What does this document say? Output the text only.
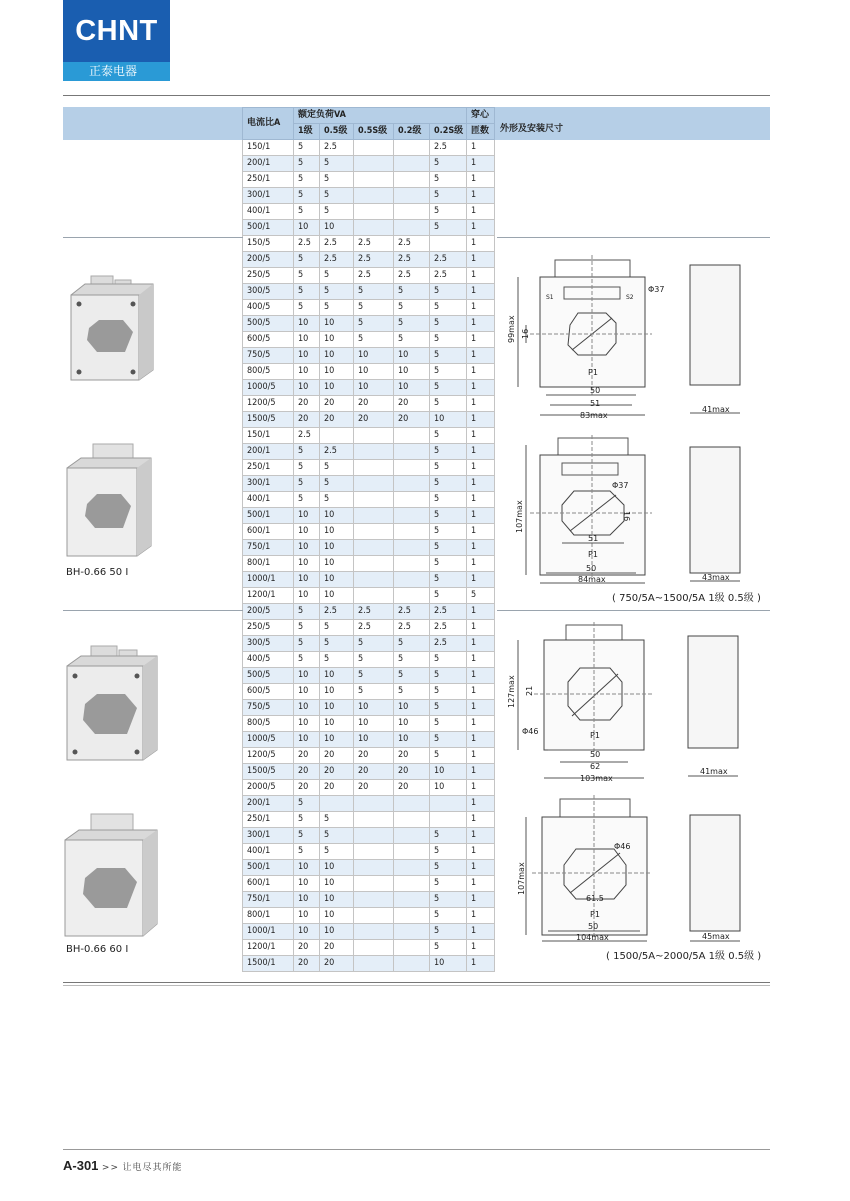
CHNT
正泰电器
电流比A	额定负荷VA					穿心
	1级	0.5级	0.5S级	0.2级	0.2S级	匝数
150/1	5	2.5			2.5	1
200/1	5	5			5	1
250/1	5	5			5	1
300/1	5	5			5	1
400/1	5	5			5	1
500/1	10	10			5	1
150/5	2.5	2.5	2.5	2.5		1
200/5	5	2.5	2.5	2.5	2.5	1
250/5	5	5	2.5	2.5	2.5	1
300/5	5	5	5	5	5	1
400/5	5	5	5	5	5	1
500/5	10	10	5	5	5	1
600/5	10	10	5	5	5	1
750/5	10	10	10	10	5	1
800/5	10	10	10	10	5	1
1000/5	10	10	10	10	5	1
1200/5	20	20	20	20	5	1
1500/5	20	20	20	20	10	1
150/1	2.5				5	1
200/1	5	2.5			5	1
250/1	5	5			5	1
300/1	5	5			5	1
400/1	5	5			5	1
500/1	10	10			5	1
600/1	10	10			5	1
750/1	10	10			5	1
800/1	10	10			5	1
1000/1	10	10			5	1
1200/1	10	10			5	5
200/5	5	2.5	2.5	2.5	2.5	1
250/5	5	5	2.5	2.5	2.5	1
300/5	5	5	5	5	2.5	1
400/5	5	5	5	5	5	1
500/5	10	10	5	5	5	1
600/5	10	10	5	5	5	1
750/5	10	10	10	10	5	1
800/5	10	10	10	10	5	1
1000/5	10	10	10	10	5	1
1200/5	20	20	20	20	5	1
1500/5	20	20	20	20	10	1
2000/5	20	20	20	20	10	1
200/1	5					1
250/1	5	5				1
300/1	5	5			5	1
400/1	5	5			5	1
500/1	10	10			5	1
600/1	10	10			5	1
750/1	10	10			5	1
800/1	10	10			5	1
1000/1	10	10			5	1
1200/1	20	20			5	1
1500/1	20	20			10	1
外形及安装尺寸
BH-0.66 50 I
BH-0.66 60 I
( 750/5A~1500/5A 1级 0.5级 )
( 1500/5A~2000/5A 1级 0.5级 )
99max 16
Φ37
S1	S2
P1
50
51
83max
41max
107max	16
Φ37
51
P1
50
84max	43max
127max 21
Φ46	P1
50
62
103max
41max
107max
Φ46
61.5
P1
50
104max	45max
A-301 >> 让电尽其所能
